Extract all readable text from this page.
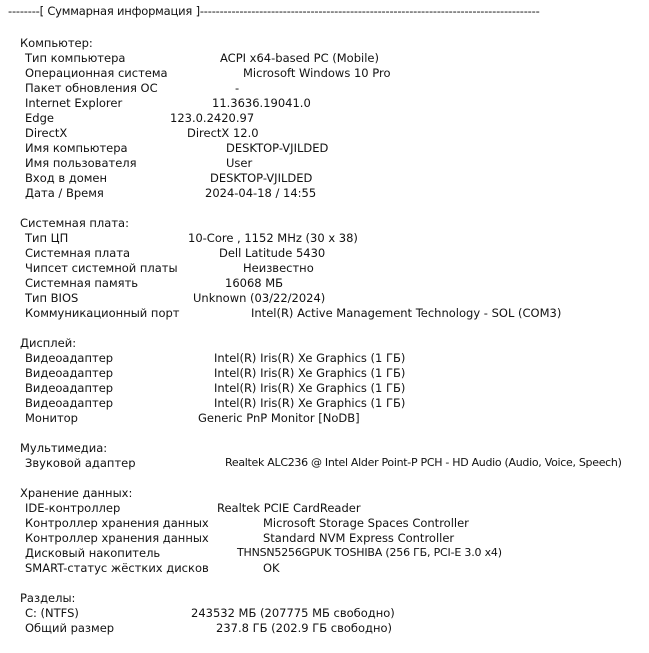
--------[ Суммарная информация ]--------------------------------------------------------------------------------------
Компьютер:
Тип компьютера	ACPI x64-based PC (Mobile)
Операционная система	Microsoft Windows 10 Pro
Пакет обновления ОС	-
Internet Explorer	11.3636.19041.0
Edge	123.0.2420.97
DirectX	DirectX 12.0
Имя компьютера	DESKTOP-VJILDED
Имя пользователя	User
Вход в домен	DESKTOP-VJILDED
Дата / Время	2024-04-18 / 14:55
Системная плата:
Тип ЦП	10-Core , 1152 MHz (30 x 38)
Системная плата	Dell Latitude 5430
Чипсет системной платы	Неизвестно
Системная память	16068 МБ
Тип BIOS	Unknown (03/22/2024)
Коммуникационный порт	Intel(R) Active Management Technology - SOL (COM3)
Дисплей:
Видеоадаптер	Intel(R) Iris(R) Xe Graphics (1 ГБ)
Видеоадаптер	Intel(R) Iris(R) Xe Graphics (1 ГБ)
Видеоадаптер	Intel(R) Iris(R) Xe Graphics (1 ГБ)
Видеоадаптер	Intel(R) Iris(R) Xe Graphics (1 ГБ)
Монитор	Generic PnP Monitor [NoDB]
Мультимедиа:
Звуковой адаптер	Realtek ALC236 @ Intel Alder Point-P PCH - HD Audio (Audio, Voice, Speech)
Хранение данных:
IDE-контроллер	Realtek PCIE CardReader
Контроллер хранения данных	Microsoft Storage Spaces Controller
Контроллер хранения данных	Standard NVM Express Controller
Дисковый накопитель	THNSN5256GPUK TOSHIBA (256 ГБ, PCI-E 3.0 x4)
SMART-статус жёстких дисков	OK
Разделы:
C: (NTFS)	243532 МБ (207775 МБ свободно)
Общий размер	237.8 ГБ (202.9 ГБ свободно)
